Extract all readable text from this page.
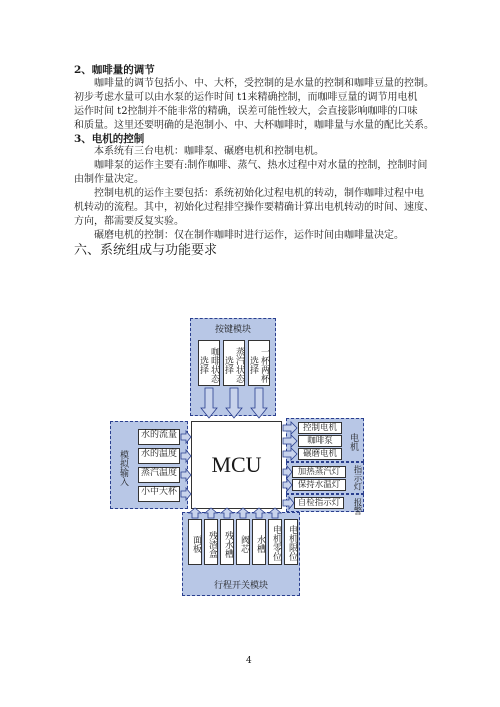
2、咖啡量的调节
咖啡量的调节包括小、中、大杯，受控制的是水量的控制和咖啡豆量的控制。
初步考虑水量可以由水泵的运作时间 t1来精确控制，而咖啡豆量的调节用电机
运作时间 t2控制并不能非常的精确，误差可能性较大，会直接影响咖啡的口味
和质量。这里还要明确的是泡制小、中、大杯咖啡时，咖啡量与水量的配比关系。
3、电机的控制
本系统有三台电机：咖啡泵、碾磨电机和控制电机。
咖啡泵的运作主要有:制作咖啡、蒸气、热水过程中对水量的控制，控制时间
由制作量决定。
控制电机的运作主要包括：系统初始化过程电机的转动，制作咖啡过程中电
机转动的流程。其中，初始化过程排空操作要精确计算出电机转动的时间、速度、
方向，都需要反复实验。
碾磨电机的控制：仅在制作咖啡时进行运作，运作时间由咖啡量决定。
六、系统组成与功能要求
按键模块
咖啡状态选择	蒸汽状态选择	一杯两杯选择
模拟输入
水的流量
水的温度
蒸汽温度
小中大杯
MCU
控制电机
咖啡泵
碾磨电机
电机
加热蒸汽灯
保持水温灯	指示灯
自检指示灯	报警
面板 残渣盒 残水槽 阀芯 水槽 电机零位 电机限位
行程开关模块
4
